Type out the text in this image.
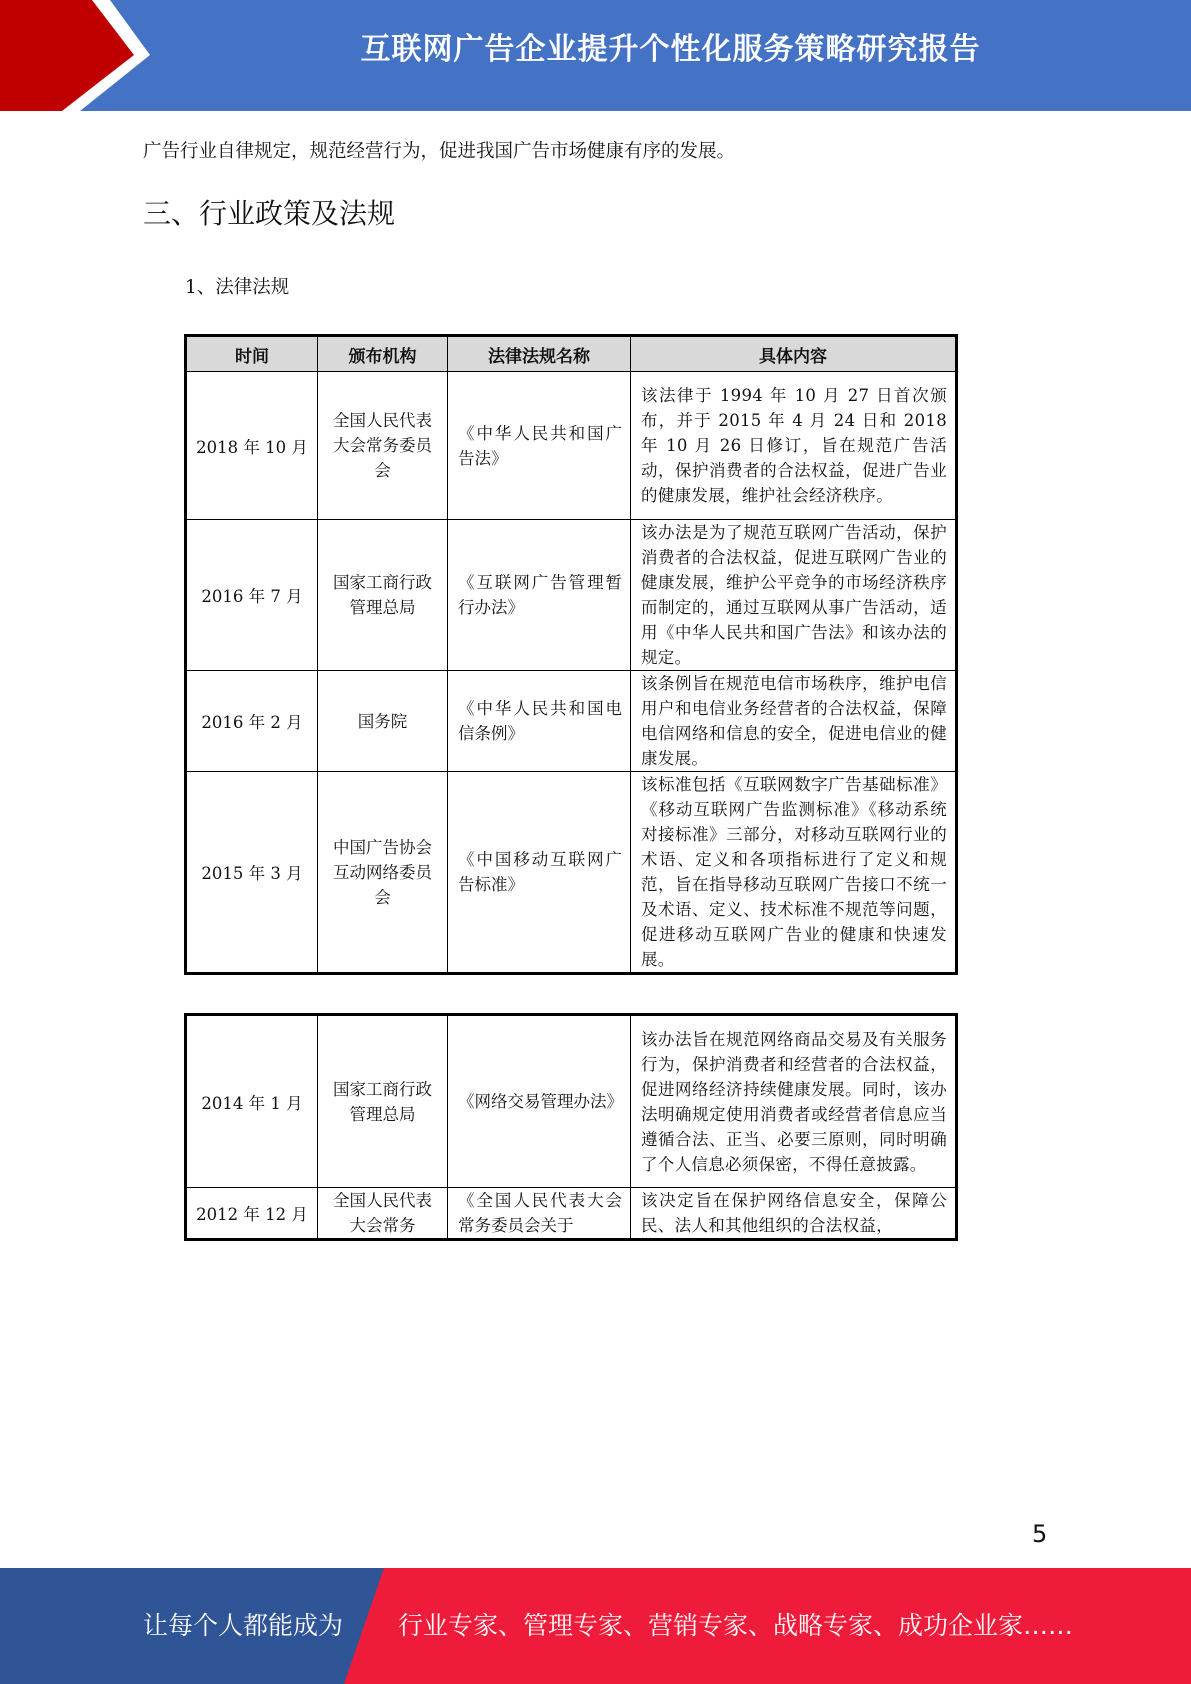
互联网广告企业提升个性化服务策略研究报告
广告行业自律规定，规范经营行为，促进我国广告市场健康有序的发展。
三、行业政策及法规
1、法律法规
时间	颁布机构	法律法规名称	具体内容
2018 年 10 月	全国人民代表大会常务委员会	《中华人民共和国广告法》	该法律于 1994 年 10 月 27 日首次颁布，并于 2015 年 4 月 24 日和 2018 年 10 月 26 日修订，旨在规范广告活动，保护消费者的合法权益，促进广告业的健康发展，维护社会经济秩序。
2016 年 7 月	国家工商行政管理总局	《互联网广告管理暂行办法》	该办法是为了规范互联网广告活动，保护消费者的合法权益，促进互联网广告业的健康发展，维护公平竞争的市场经济秩序而制定的，通过互联网从事广告活动，适用《中华人民共和国广告法》和该办法的规定。
2016 年 2 月	国务院	《中华人民共和国电信条例》	该条例旨在规范电信市场秩序，维护电信用户和电信业务经营者的合法权益，保障电信网络和信息的安全，促进电信业的健康发展。
2015 年 3 月	中国广告协会互动网络委员会	《中国移动互联网广告标准》	该标准包括《互联网数字广告基础标准》《移动互联网广告监测标准》《移动系统对接标准》三部分，对移动互联网行业的术语、定义和各项指标进行了定义和规范，旨在指导移动互联网广告接口不统一及术语、定义、技术标准不规范等问题，促进移动互联网广告业的健康和快速发展。
2014 年 1 月	国家工商行政管理总局	《网络交易管理办法》	该办法旨在规范网络商品交易及有关服务行为，保护消费者和经营者的合法权益，促进网络经济持续健康发展。同时，该办法明确规定使用消费者或经营者信息应当遵循合法、正当、必要三原则，同时明确了个人信息必须保密，不得任意披露。
2012 年 12 月	全国人民代表大会常务	《全国人民代表大会常务委员会关于	该决定旨在保护网络信息安全，保障公民、法人和其他组织的合法权益，
5
让每个人都能成为 行业专家、管理专家、营销专家、战略专家、成功企业家……
